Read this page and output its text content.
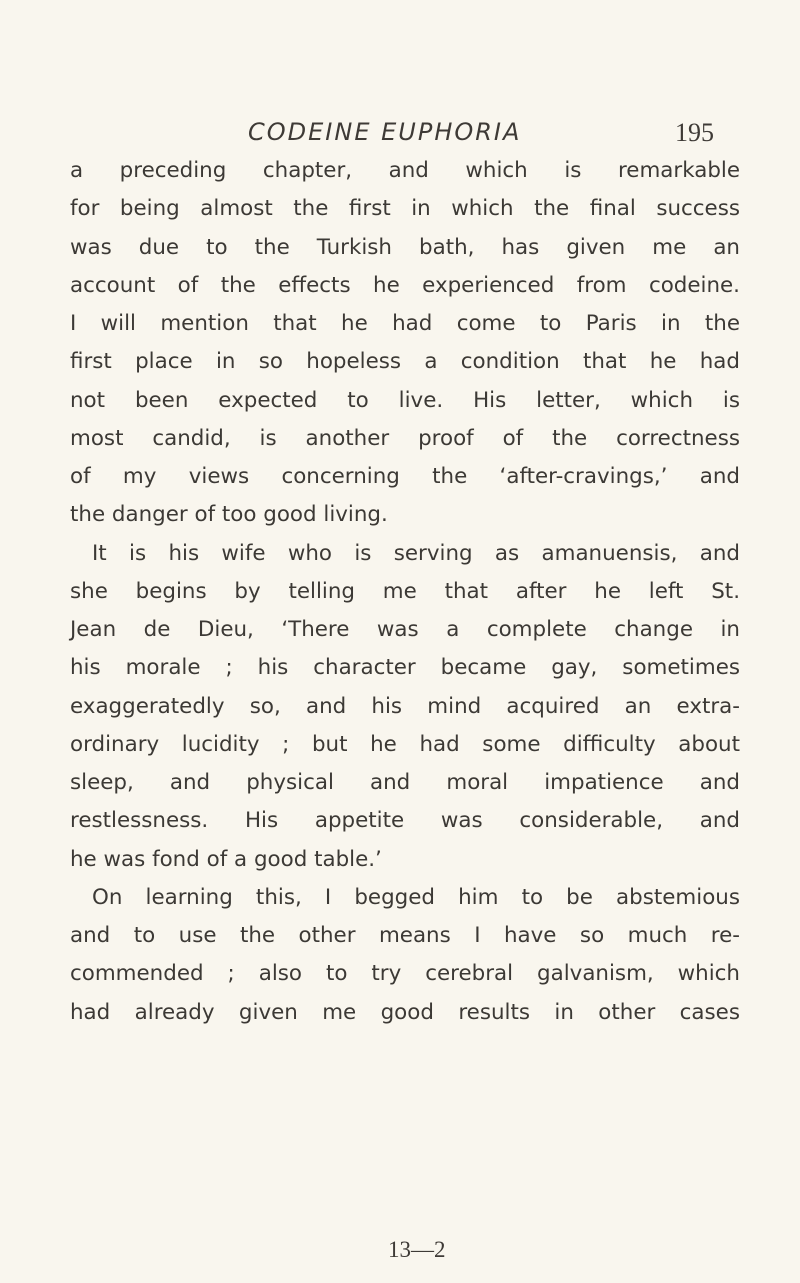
CODEINE EUPHORIA	195
a preceding chapter, and which is remarkable
for being almost the first in which the final success
was due to the Turkish bath, has given me an
account of the effects he experienced from codeine.
I will mention that he had come to Paris in the
first place in so hopeless a condition that he had
not been expected to live. His letter, which is
most candid, is another proof of the correctness
of my views concerning the ‘after-cravings,’ and
the danger of too good living.
It is his wife who is serving as amanuensis, and
she begins by telling me that after he left St.
Jean de Dieu, ‘There was a complete change in
his morale ; his character became gay, sometimes
exaggeratedly so, and his mind acquired an extra-
ordinary lucidity ; but he had some difficulty about
sleep, and physical and moral impatience and
restlessness. His appetite was considerable, and
he was fond of a good table.’
On learning this, I begged him to be abstemious
and to use the other means I have so much re-
commended ; also to try cerebral galvanism, which
had already given me good results in other cases
13—2
